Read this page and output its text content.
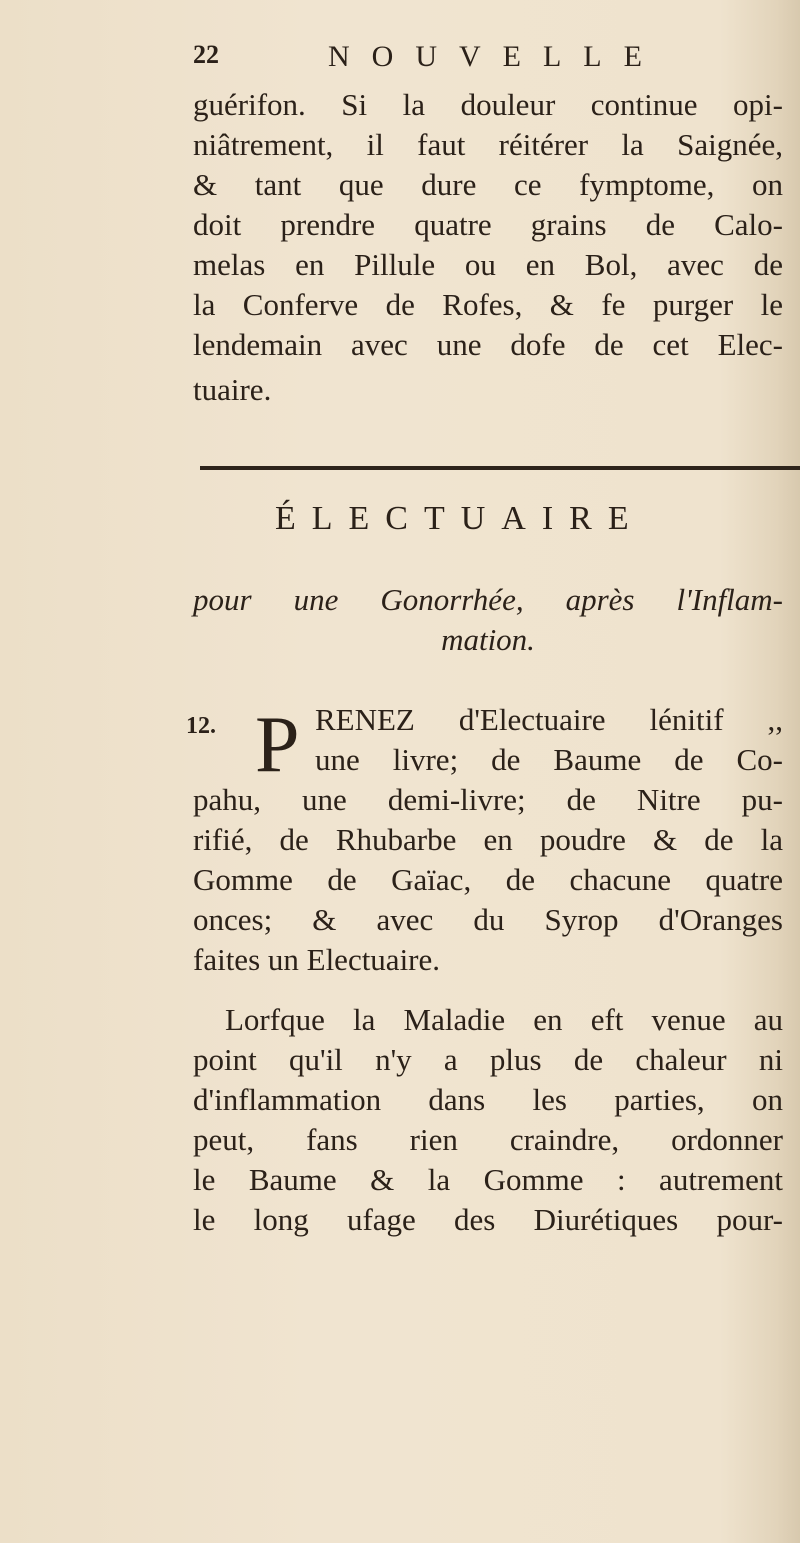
22	NOUVELLE
guérifon. Si la douleur continue opi-
niâtrement, il faut réitérer la Saignée,
& tant que dure ce fymptome, on
doit prendre quatre grains de Calo-
melas en Pillule ou en Bol, avec de
la Conferve de Rofes, & fe purger le
lendemain avec une dofe de cet Elec-
tuaire.
ÉLECTUAIRE
pour une Gonorrhée, après l'Inflam-
mation.
12. P RENEZ d'Electuaire lénitif ,,
une livre; de Baume de Co-
pahu, une demi-livre; de Nitre pu-
rifié, de Rhubarbe en poudre & de la
Gomme de Gaïac, de chacune quatre
onces; & avec du Syrop d'Oranges
faites un Electuaire.
Lorfque la Maladie en eft venue au
point qu'il n'y a plus de chaleur ni
d'inflammation dans les parties, on
peut, fans rien craindre, ordonner
le Baume & la Gomme : autrement
le long ufage des Diurétiques pour-
